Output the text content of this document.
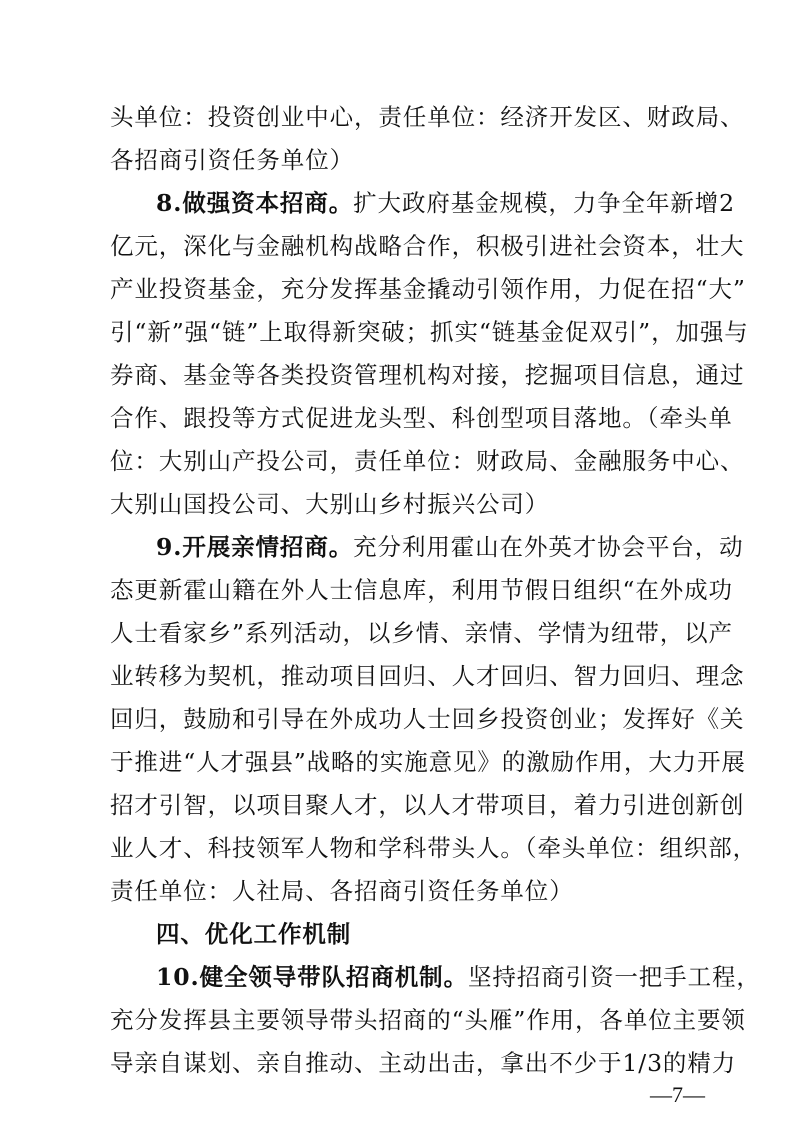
头单位：投资创业中心，责任单位：经济开发区、财政局、
各招商引资任务单位）
8.做强资本招商。扩大政府基金规模，力争全年新增2
亿元，深化与金融机构战略合作，积极引进社会资本，壮大
产业投资基金，充分发挥基金撬动引领作用，力促在招“大”
引“新”强“链”上取得新突破；抓实“链基金促双引”，加强与
券商、基金等各类投资管理机构对接，挖掘项目信息，通过
合作、跟投等方式促进龙头型、科创型项目落地。（牵头单
位：大别山产投公司，责任单位：财政局、金融服务中心、
大别山国投公司、大别山乡村振兴公司）
9.开展亲情招商。充分利用霍山在外英才协会平台，动
态更新霍山籍在外人士信息库，利用节假日组织“在外成功
人士看家乡”系列活动，以乡情、亲情、学情为纽带，以产
业转移为契机，推动项目回归、人才回归、智力回归、理念
回归，鼓励和引导在外成功人士回乡投资创业；发挥好《关
于推进“人才强县”战略的实施意见》的激励作用，大力开展
招才引智，以项目聚人才，以人才带项目，着力引进创新创
业人才、科技领军人物和学科带头人。（牵头单位：组织部，
责任单位：人社局、各招商引资任务单位）
四、优化工作机制
10.健全领导带队招商机制。坚持招商引资一把手工程，
充分发挥县主要领导带头招商的“头雁”作用，各单位主要领
导亲自谋划、亲自推动、主动出击，拿出不少于1/3的精力
—7—
